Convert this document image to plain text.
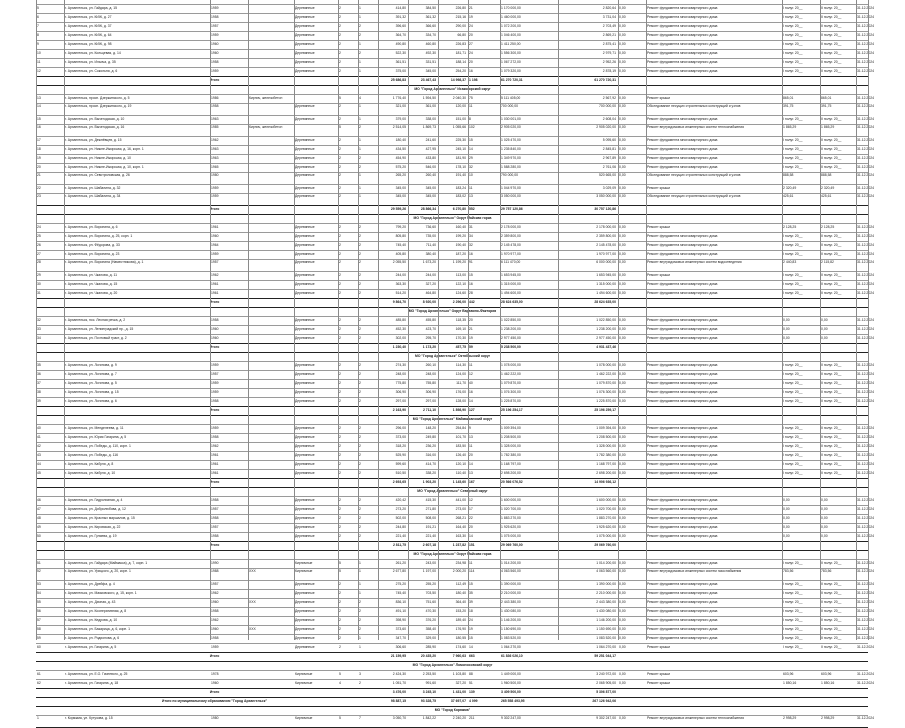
5	г. Архангельск, ул. Гайдара, д. 15	1959	Деревянные	2	1	414,80	384,50	226,80 21	1 170 000,00	2 820,64 0,00	Ремонт фундамента многоквартирного дома	I полуг. 20__	II полуг. 20__	31.12.2024
6	г. Архангельск, ул. КИЖ, д. 27	1958	Деревянные	2	1	391,32	361,32	215,16 19	1 460 000,00	3 731,04 0,00	Ремонт фундамента многоквартирного дома	I полуг. 20__	II полуг. 20__	31.12.2024
7	г. Архангельск, ул. КИЖ, д. 37	1957	Деревянные	2	2	396,60	366,60	290,00 24	1 072 200,00	2 703,49 0,00	Ремонт фундамента многоквартирного дома	I полуг. 20__	II полуг. 20__	31.12.2024
8	г. Архангельск, ул. КИЖ, д. 64	1959	Деревянные	2	2	364,70	334,70	66,80 20	1 046 400,00	2 869,21 0,00	Ремонт фундамента многоквартирного дома	I полуг. 20__	II полуг. 20__	31.12.2024
9	г. Архангельск, ул. КИЖ, д. 98	1960	Деревянные	2	1	490,80	460,80	226,83 27	1 411 250,00	2 875,41 0,00	Ремонт фундамента многоквартирного дома	I полуг. 20__	II полуг. 20__	31.12.2024
10	г. Архангельск, ул. Кольцевая, д. 14	1960	Деревянные	2	2	522,30	492,30	181,71 24	1 556 300,00	2 979,71 0,00	Ремонт фундамента многоквартирного дома	I полуг. 20__	II полуг. 20__	31.12.2024
11	г. Архангельск, ул. Ильича, д. 35	1958	Деревянные	2	1	361,51	331,51	188,14 20	1 067 272,00	2 952,26 0,00	Ремонт фундамента многоквартирного дома	I полуг. 20__	II полуг. 20__	31.12.2024
12	г. Архангельск, ул. Сокольня, д. 6	1959	Деревянные	2	1	375,00	345,00	254,20 16	1 079 320,00	2 878,19 0,00	Ремонт фундамента многоквартирного дома	I полуг. 20__	II полуг. 20__	31.12.2024
Итого	25 686,83	23 467,43	14 998,37 1 198	61 270 720,31	61 270 720,31
МО "Город Архангельск" Исакогорский округ
13	г. Архангельск, просп. Дзержинского, д. 5	1986	Кирпич, железобетон	5	4	1 776,40	1 594,50	2 040,30 75	5 111 405,00	2 567,92 0,00	Ремонт крыши	865,01	865,01	31.12.2024
14	г. Архангельск, просп. Дзержинского, д. 19	1958	Деревянные	2	1	321,00	361,00	120,00 11	700 000,00	700 000,00 0,00	Обследование несущих строительных конструкций и узлов	391,75	391,75	31.12.2024
15	г. Архангельск, ул. Вычегодская, д. 10	1963	Деревянные	2	1	379,00	338,00	151,00 8	1 030 001,00	2 608,04 0,00	Ремонт фундамента многоквартирного дома	I полуг. 20__	II полуг. 20__	31.12.2024
16	г. Архангельск, ул. Вычегодская, д. 16	1985	Кирпич, железобетон	5	2	2 514,05	1 869,73	1 055,66 102	2 905 020,00	2 905 020,00 0,00	Ремонт внутридомовых инженерных систем теплоснабжения	1 865,29	1 865,29	31.12.2024
17	г. Архангельск, ул. Дежнёвцев, д. 15	1962	Деревянные	2	1	180,40	241,60	225,30 15	1 025 470,00	5 095,60 0,00	Ремонт фундамента многоквартирного дома	I полуг. 20__	II полуг. 20__	31.12.2024
18	г. Архангельск, ул. Нижне-Ижорская, д. 16, корп. 1	1963	Деревянные	2	1	434,50	427,95	245,10 14	1 235 840,00	2 845,81 0,00	Ремонт фундамента многоквартирного дома	I полуг. 20__	II полуг. 20__	31.12.2024
19	г. Архангельск, ул. Нижне-Ижорская, д. 10	1963	Деревянные	2	2	454,90	433,80	181,90 29	1 349 970,00	2 967,89 0,00	Ремонт фундамента многоквартирного дома	I полуг. 20__	II полуг. 20__	31.12.2024
20	г. Архангельск, ул. Нижне-Ижорская, д. 10, корп. 1	1965	Деревянные	2	2	575,20	546,00	178,10 32	1 588 280,00	2 761,06 0,00	Ремонт фундамента многоквартирного дома	I полуг. 20__	II полуг. 20__	31.12.2024
21	г. Архангельск, ул. Севстриловская, д. 26	1980	Деревянные	2	1	265,20	260,40	191,40 10	790 000,00	520 665,00 0,00	Обследование несущих строительных конструкций и узлов	888,58	888,58	31.12.2024
22	г. Архангельск, ул. Шабалина, д. 32	1959	Деревянные	2	1	345,00	345,00	183,24 11	1 044 970,00	3 029,09 0,00	Ремонт крыши	2 320,49	2 320,49	31.12.2024
23	г. Архангельск, ул. Шабалина, д. 34	1959	Деревянные	2	1	345,00	345,00	183,02 13	3 050 000,00	3 050 000,00 0,00	Обследование несущих строительных конструкций и узлов	425,61	425,61	31.12.2024
Итого	29 559,26	28 866,34	6 270,80 552	29 757 120,86	30 757 120,86
МО "Город Архангельск" Округ Майская горка
24	г. Архангельск, ул. Воронина, д. 6	1961	Деревянные	2	2	799,20	736,60	160,40 31	2 178 000,00	2 178 000,00 0,00	Ремонт крыши	2 128,25	2 128,25	31.12.2024
25	г. Архангельск, ул. Воронина, д. 25, корп. 1	1960	Деревянные	2	2	805,80	735,00	199,20 34	2 359 800,00	2 359 800,00 0,00	Ремонт фундамента многоквартирного дома	I полуг. 20__	II полуг. 20__	31.12.2024
26	г. Архангельск, ул. Фёдорова, д. 33	1964	Деревянные	2	2	745,40	711,40	190,40 32	2 145 478,00	2 145 478,00 0,00	Ремонт фундамента многоквартирного дома	I полуг. 20__	II полуг. 20__	31.12.2024
27	г. Архангельск, ул. Воронина, д. 23	1959	Деревянные	2	2	405,80	380,40	187,20 16	1 970 977,00	1 970 977,00 0,00	Ремонт фундамента многоквартирного дома	I полуг. 20__	II полуг. 20__	31.12.2024
28	г. Архангельск, ул. Воронина (Наместникова), д. 1	1957	Деревянные	2	2	2 055,50	1 673,20	1 199,20 91	6 111 470,00	6 000 000,00 0,00	Ремонт внутридомовых инженерных систем водоотведения	2 440,83	2 115,82	31.12.2024
29	г. Архангельск, ул. Чкалова, д. 11	1962	Деревянные	2	2	244,00	244,00	113,00 15	1 653 945,00	1 653 945,00 0,00	Ремонт крыши	I полуг. 20__	II полуг. 20__	31.12.2024
30	г. Архангельск, ул. Чкалова, д. 15	1961	Деревянные	2	2	363,30	327,20	122,10 16	1 315 000,00	1 315 000,00 0,00	Ремонт фундамента многоквартирного дома	I полуг. 20__	II полуг. 20__	31.12.2024
31	г. Архангельск, ул. Чкалова, д. 20	1961	Деревянные	2	2	514,20	464,80	124,60 28	1 494 600,00	1 494 600,00 0,00	Ремонт фундамента многоквартирного дома	I полуг. 20__	II полуг. 20__	31.12.2024
Итого	9 864,70	8 920,00	2 296,00 442	28 624 635,00	28 624 635,00
МО "Город Архангельск" Округ Варавино-Фактория
32	г. Архангельск, пос. Лесная речка, д. 2	1958	Деревянные	2	2	485,80	455,80	118,35 20	1 022 850,00	1 022 850,00 0,00	Ремонт фундамента многоквартирного дома	0,00	0,00	31.12.2024
33	г. Архангельск, ул. Ленинградский пр., д. 15	1960	Деревянные	2	2	452,30	423,70	169,10 21	1 238 200,00	1 238 200,00 0,00	Ремонт фундамента многоквартирного дома	0,00	0,00	31.12.2024
34	г. Архангельск, ул. Почтовый тракт, д. 2	1960	Деревянные	2	2	302,00	295,70	170,30 19	2 977 450,00	2 977 450,00 0,00	Ремонт фундамента многоквартирного дома	0,00	0,00	31.12.2024
Итого	1 230,40	1 173,20	457,75 59	5 238 500,00	4 931 437,46
МО "Город Архангельск" Октябрьский округ
35	г. Архангельск, ул. Логинова, д. 9	1959	Деревянные	2	2	274,30	260,10	114,30 11	1 078 000,00	1 078 000,00 0,00	Ремонт фундамента многоквартирного дома	I полуг. 20__	II полуг. 20__	31.12.2024
36	г. Архангельск, ул. Логинова, д. 7	1957	Деревянные	2	2	248,00	248,00	124,00 12	1 462 222,00	1 462 222,00 0,00	Ремонт фундамента многоквартирного дома	I полуг. 20__	II полуг. 20__	31.12.2024
37	г. Архангельск, ул. Логинова, д. 5	1959	Деревянные	2	2	775,80	755,80	111,70 40	1 079 870,00	1 079 870,00 0,00	Ремонт фундамента многоквартирного дома	I полуг. 20__	II полуг. 20__	31.12.2024
38	г. Архангельск, ул. Логинова, д. 15	1959	Деревянные	2	2	306,90	306,90	176,00 16	1 076 300,00	1 076 300,00 0,00	Ремонт фундамента многоквартирного дома	I полуг. 20__	II полуг. 20__	31.12.2024
39	г. Архангельск, ул. Логинова, д. 6	1958	Деревянные	2	2	297,00	297,00	128,00 14	1 225 870,00	1 225 870,00 0,00	Ремонт фундамента многоквартирного дома	I полуг. 20__	II полуг. 20__	31.12.2024
Итого	2 163,90	2 711,10	1 898,90 127	25 196 254,17	25 196 259,17
МО "Город Архангельск" Маймаксанский округ
40	г. Архангельск, ул. Менделеева, д. 11	1959	Деревянные	2	2	296,00	148,20	254,84 9	1 009 394,00	1 009 394,00 0,00	Ремонт фундамента многоквартирного дома	I полуг. 20__	II полуг. 20__	31.12.2024
41	г. Архангельск, ул. Юрия Гагарина, д. 5	1958	Деревянные	2	2	373,00	249,80	101,70 13	1 208 500,00	1 208 500,00 0,00	Ремонт фундамента многоквартирного дома	I полуг. 20__	II полуг. 20__	31.12.2024
42	г. Архангельск, ул. Победы, д. 110, корп. 1	1962	Деревянные	2	2	318,20	236,20	183,50 11	1 328 000,00	1 328 000,00 0,00	Ремонт фундамента многоквартирного дома	I полуг. 20__	II полуг. 20__	31.12.2024
43	г. Архангельск, ул. Победы, д. 116	1961	Деревянные	2	2	525,90	316,00	126,40 20	1 782 380,00	1 782 380,00 0,00	Ремонт фундамента многоквартирного дома	I полуг. 20__	II полуг. 20__	31.12.2024
44	г. Архангельск, ул. Кабуля, д. 8	1961	Деревянные	2	2	599,60	414,70	120,10 14	1 168 797,00	1 168 797,00 0,00	Ремонт фундамента многоквартирного дома	I полуг. 20__	II полуг. 20__	31.12.2024
45	г. Архангельск, ул. Кабуля, д. 10	1961	Деревянные	2	2	510,50	338,20	110,40 13	2 698 200,00	2 698 200,00 0,00	Ремонт фундамента многоквартирного дома	I полуг. 20__	II полуг. 20__	31.12.2024
Итого	2 693,65	1 903,20	1 145,60 167	20 566 076,52	14 906 936,12
МО "Город Архангельск" Северный округ
46	г. Архангельск, ул. Гидролизная, д. 4	1958	Деревянные	2	2	420,42	415,30	441,00 12	1 600 000,00	1 600 000,00 0,00	Ремонт фундамента многоквартирного дома	0,00	0,00	31.12.2024
47	г. Архангельск, ул. Добролюбова, д. 12	1957	Деревянные	2	2	273,20	271,80	273,00 17	1 020 700,00	1 020 700,00 0,00	Ремонт фундамента многоквартирного дома	0,00	0,00	31.12.2024
48	г. Архангельск, ул. Красных маршалов, д. 15	1958	Деревянные	2	2	502,00	508,00	268,21 22	1 883 270,00	1 883 270,00 0,00	Ремонт фундамента многоквартирного дома	0,00	0,00	31.12.2024
49	г. Архангельск, ул. Кировская, д. 22	1957	Деревянные	2	2	244,80	191,21	164,40 20	1 925 620,00	1 925 620,00 0,00	Ремонт фундамента многоквартирного дома	0,00	0,00	31.12.2024
50	г. Архангельск, ул. Гуляева, д. 19	1958	Деревянные	2	2	221,40	221,40	163,30 14	1 075 000,00	1 075 000,00 0,00	Ремонт фундамента многоквартирного дома	0,00	0,00	31.12.2024
Итого	2 811,75	2 607,18	1 237,82 151	29 069 760,00	29 069 760,00
МО "Город Архангельск" Округ Майская горка
51	г. Архангельск, ул. Гайдара (Маймакса), д. 7, корп. 1	1990	Кирпичные	5	1	261,20	243,00	234,98 11	1 014 200,00	1 014 200,00 0,00	Ремонт фундамента многоквартирного дома	I полуг. 20__	II полуг. 20__	31.12.2024
52	г. Архангельск, ул. Урицкого, д. 20, корп. 1	1988	ХХХ	Кирпичные	5	1	2 677,80	1 197,00	2 000,20 114	4 063 560,00	4 063 560,00 0,00	Ремонт внутридомовых инженерных систем газоснабжения	783,56	783,56	31.12.2024
53	г. Архангельск, ул. Дрейфа, д. 4	1957	Деревянные	2	1	275,20	255,20	112,49 15	1 390 000,00	1 390 000,00 0,00	Ремонт фундамента многоквартирного дома	I полуг. 20__	II полуг. 20__	31.12.2024
54	г. Архангельск, ул. Маяковского, д. 15, корп. 1	1962	Деревянные	2	1	745,40	703,50	180,40 35	2 210 000,00	2 210 000,00 0,00	Ремонт фундамента многоквартирного дома	I полуг. 20__	II полуг. 20__	31.12.2024
55	г. Архангельск, ул. Дачная, д. 43	1960	ХХХ	Деревянные	2	2	836,10	751,60	364,40 39	2 443 380,00	2 443 380,00 0,00	Ремонт фундамента многоквартирного дома	I полуг. 20__	II полуг. 20__	31.12.2024
56	г. Архангельск, ул. Кооперативная, д. 8	1958	Деревянные	2	2	491,10	470,30	153,20 18	1 430 080,00	1 430 080,00 0,00	Ремонт фундамента многоквартирного дома	I полуг. 20__	II полуг. 20__	31.12.2024
57	г. Архангельск, ул. Кедрова, д. 10	1962	Деревянные	2	2	398,90	376,20	189,40 24	1 146 200,00	1 146 200,00 0,00	Ремонт фундамента многоквартирного дома	I полуг. 20__	II полуг. 20__	31.12.2024
58	г. Архангельск, ул. Бакарица, д. 6, корп. 1	1960	ХХХ	Деревянные	2	2	373,60	358,40	176,90 19	1 150 690,00	1 150 690,00 0,00	Ремонт фундамента многоквартирного дома	I полуг. 20__	II полуг. 20__	31.12.2024
59	г. Архангельск, ул. Родионова, д. 6	1958	Деревянные	2	1	347,70	329,00	180,55 15	1 083 520,00	1 083 520,00 0,00	Ремонт фундамента многоквартирного дома	I полуг. 20__	II полуг. 20__	31.12.2024
60	г. Архангельск, ул. Гагарина, д. 5	1959	Деревянные	2	1	306,60	285,90	174,60 14	1 064 270,00	1 064 270,00 0,00	Ремонт крыши	I полуг. 20__	II полуг. 20__	31.12.2024
Итого	21 159,95	20 435,20	7 960,63 663	61 836 026,10	59 251 044,17
МО "Город Архангельск" Ломоносовский округ
61	г. Архангельск, ул. Е.О. Гачневого, д. 25	1978	Кирпичные	5	3	2 424,30	2 253,50	1 103,80 88	1 449 000,00	3 240 972,00 0,00	Ремонт крыши	603,96	603,96	31.12.2024
62	г. Архангельск, ул. Гагарина, д. 18	1960	Кирпичные	4	2	1 051,70	991,60	327,20 51	1 960 500,00	2 065 905,00 0,00	Ремонт крыши	1 850,16	1 850,16	31.12.2024
Итого	3 476,00	3 245,10	1 431,00 139	3 409 500,00	5 306 877,00
Итого по муниципальному образованию "Город Архангельск"	98 887,15	93 328,75	37 697,07 4 099	265 558 493,95	267 126 942,06
МО "Город Коряжма"
1	г. Коряжма, ул. Кутузова, д. 15	1980	Кирпичные	5	7	3 050,70	1 842,22	2 240,20 211	9 302 247,00	9 302 247,00 0,00	Ремонт внутридомовых инженерных систем теплоснабжения	2 998,29	2 998,29	31.12.2024
